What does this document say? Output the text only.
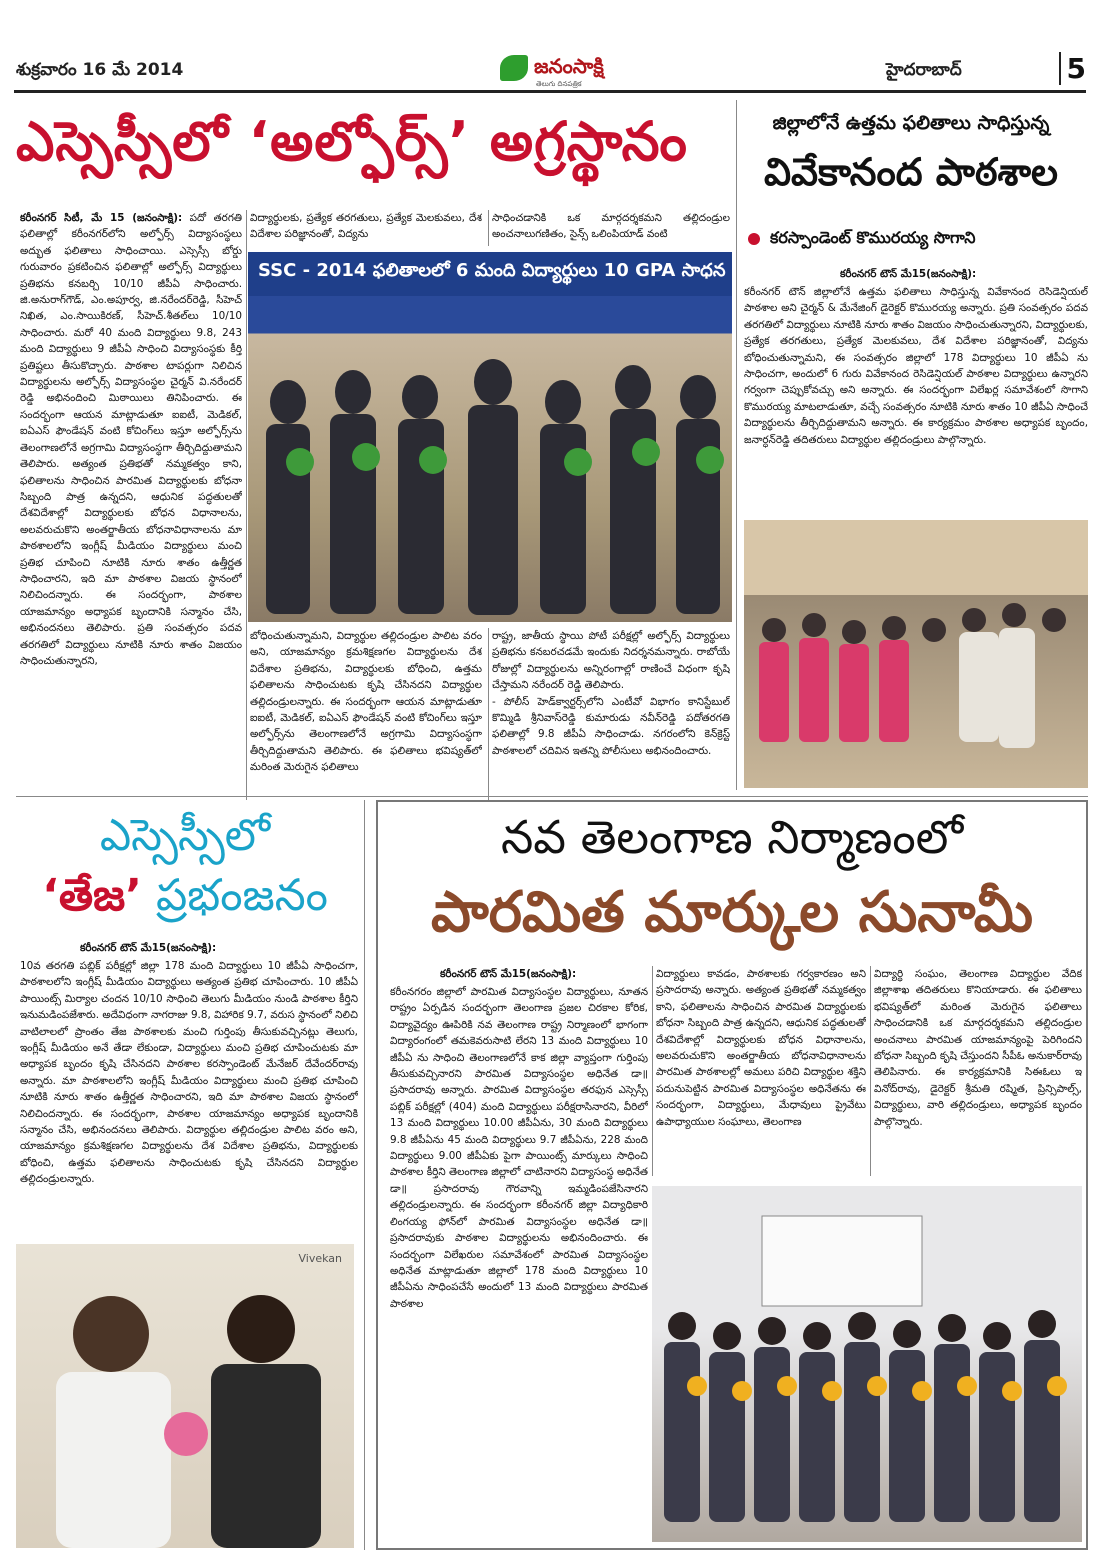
శుక్రవారం 16 మే 2014	జనంసాక్షి
తెలుగు దినపత్రిక
హైదరాబాద్	5
ఎస్సెస్సీలో ‘అల్ఫోర్స్’ అగ్రస్థానం
కరీంనగర్ సిటీ, మే 15 (జనంసాక్షి): పదో తరగతి ఫలితాల్లో కరీంనగర్‌లోని అల్ఫోర్స్ విద్యాసంస్థలు అద్భుత ఫలితాలు సాధించాయి. ఎస్సెస్సీ బోర్డు గురువారం ప్రకటించిన ఫలితాల్లో అల్ఫోర్స్ విద్యార్థులు ప్రతిభను కనబర్చి 10/10 జీపీఏ సాధించారు. జి.అనురాగ్‌గౌడ్, ఎం.అపూర్వ, జి.నరేందర్‌రెడ్డి, సీహెచ్ నిఖిత, ఎం.సాయికిరణ్, సీహెచ్.శీతల్‌లు 10/10 సాధించారు. మరో 40 మంది విద్యార్థులు 9.8, 243 మంది విద్యార్థులు 9 జీపీఏ సాధించి విద్యాసంస్థకు కీర్తి ప్రతిష్టలు తీసుకొచ్చారు. పాఠశాల టాపర్లుగా నిలిచిన విద్యార్థులను అల్ఫోర్స్ విద్యాసంస్థల చైర్మన్ వి.నరేందర్ రెడ్డి అభినందించి మిఠాయిలు తినిపించారు. ఈ సందర్భంగా ఆయన మాట్లాడుతూ ఐఐటీ, మెడికల్, ఐఏఎస్ ఫౌండేషన్ వంటి కోచింగ్‌లు ఇస్తూ అల్ఫోర్స్‌ను తెలంగాణలోనే అగ్రగామి విద్యాసంస్థగా తీర్చిదిద్దుతామని తెలిపారు. అత్యంత ప్రతిభతో నమ్మకత్వం కాని, ఫలితాలను సాధించిన పారమిత విద్యార్థులకు బోధనా సిబ్బంది పాత్ర ఉన్నదని, ఆధునిక పద్ధతులతో దేశవిదేశాల్లో విద్యార్థులకు బోధన విధానాలను, అలవరుచుకొని అంతర్జాతీయ బోధనావిధానాలను మా పాఠశాలలోని ఇంగ్లీష్ మీడియం విద్యార్థులు మంచి ప్రతిభ చూపించి నూటికి నూరు శాతం ఉత్తీర్ణత సాధించారని, ఇది మా పాఠశాల విజయ స్థానంలో నిలిచిందన్నారు. ఈ సందర్భంగా, పాఠశాల యాజమాన్యం అధ్యాపక బృందానికి సన్మానం చేసి, అభినందనలు తెలిపారు. ప్రతి సంవత్సరం పదవ తరగతిలో విద్యార్థులు నూటికి నూరు శాతం విజయం సాధించుతున్నారని,
విద్యార్థులకు, ప్రత్యేక తరగతులు, ప్రత్యేక మెలకువలు, దేశ విదేశాల పరిజ్ఞానంతో, విద్యను
సాధించడానికి ఒక మార్గదర్శకమని తల్లిదండ్రుల అంచనాలుగణితం, సైన్స్ ఒలింపియాడ్ వంటి
SSC - 2014 ఫలితాలలో 6 మంది విద్యార్థులు 10 GPA సాధన
బోధించుతున్నామని, విద్యార్థుల తల్లిదండ్రుల పాలిట వరం అని, యాజమాన్యం క్రమశిక్షణగల విద్యార్థులను దేశ విదేశాల ప్రతిభను, విద్యార్థులకు బోధించి, ఉత్తమ ఫలితాలను సాధించుటకు కృషి చేసినదని విద్యార్థుల తల్లిదండ్రులన్నారు. ఈ సందర్భంగా ఆయన మాట్లాడుతూ ఐఐటీ, మెడికల్, ఐఏఎస్ ఫౌండేషన్ వంటి కోచింగ్‌లు ఇస్తూ అల్ఫోర్స్‌ను తెలంగాణలోనే అగ్రగామి విద్యాసంస్థగా తీర్చిదిద్దుతామని తెలిపారు. ఈ ఫలితాలు భవిష్యత్‌లో మరింత మెరుగైన ఫలితాలు
రాష్ట్ర, జాతీయ స్థాయి పోటీ పరీక్షల్లో అల్ఫోర్స్ విద్యార్థులు ప్రతిభను కనబరచడమే ఇందుకు నిదర్శనమన్నారు. రాబోయే రోజుల్లో విద్యార్థులను అన్నిరంగాల్లో రాణించే విధంగా కృషి చేస్తామని నరేందర్ రెడ్డి తెలిపారు.
- పోలీస్ హెడ్‌క్వార్టర్స్‌లోని ఎంటీవో విభాగం కానిస్టేబుల్ కొమ్మిడి శ్రీనివాస్‌రెడ్డి కుమారుడు నవీన్‌రెడ్డి పదోతరగతి ఫలితాల్లో 9.8 జీపీఏ సాధించాడు. నగరంలోని కెన్‌క్రెస్ట్ పాఠశాలలో చదివిన ఇతన్ని పోలీసులు అభినందించారు.
జిల్లాలోనే ఉత్తమ ఫలితాలు సాధిస్తున్న
వివేకానంద పాఠశాల
కరస్పాండెంట్ కొమురయ్య సొగాని
కరీంనగర్ టౌన్ మే15(జనంసాక్షి):
కరీంనగర్ టౌన్ జిల్లాలోనే ఉత్తమ ఫలితాలు సాధిస్తున్న వివేకానంద రెసిడెన్షియల్ పాఠశాల అని చైర్మన్ & మేనేజింగ్ డైరెక్టర్ కొమురయ్య అన్నారు. ప్రతి సంవత్సరం పదవ తరగతిలో విద్యార్థులు నూటికి నూరు శాతం విజయం సాధించుతున్నారని, విద్యార్థులకు, ప్రత్యేక తరగతులు, ప్రత్యేక మెలకువలు, దేశ విదేశాల పరిజ్ఞానంతో, విద్యను బోధించుతున్నామని, ఈ సంవత్సరం జిల్లాలో 178 విద్యార్థులు 10 జీపీఏ ను సాధించగా, అందులో 6 గురు వివేకానంద రెసిడెన్షియల్ పాఠశాల విద్యార్థులు ఉన్నారని గర్వంగా చెప్పుకోవచ్చు అని అన్నారు. ఈ సందర్భంగా విలేఖర్ల సమావేశంలో సొగాని కొమురయ్య మాటలాడుతూ, వచ్చే సంవత్సరం నూటికి నూరు శాతం 10 జీపీఏ సాధించే విద్యార్థులను తీర్చిదిద్దుతామని అన్నారు. ఈ కార్యక్రమం పాఠశాల అధ్యాపక బృందం, జనార్ధన్‌రెడ్డి తదితరులు విద్యార్థుల తల్లిదండ్రులు పాల్గొన్నారు.
ఎస్సెస్సీలో
‘తేజ’ ప్రభంజనం
కరీంనగర్ టౌన్ మే15(జనంసాక్షి):
10వ తరగతి పబ్లిక్ పరీక్షల్లో జిల్లా 178 మంది విద్యార్థులు 10 జీపీఏ సాధించగా, పాఠశాలలోని ఇంగ్లీష్ మీడియం విద్యార్థులు అత్యంత ప్రతిభ చూపించారు. 10 జీపీఏ పాయింట్స్ మిర్యాల చందన 10/10 సాధించి తెలుగు మీడియం నుండి పాఠశాల కీర్తిని ఇనుమడింపజేశారు. అదేవిధంగా నాగరాజు 9.8, విహారిక 9.7, వరుస స్థానంలో నిలిచి వాటిలాలలో ప్రాంతం తేజ పాఠశాలకు మంచి గుర్తింపు తీసుకువచ్చినట్లు తెలుగు, ఇంగ్లీష్ మీడియం అనే తేడా లేకుండా, విద్యార్థులు మంచి ప్రతిభ చూపించుటకు మా అధ్యాపక బృందం కృషి చేసినదని పాఠశాల కరస్పాండెంట్ మేనేజర్ దేవేందర్‌రావు అన్నారు. మా పాఠశాలలోని ఇంగ్లీష్ మీడియం విద్యార్థులు మంచి ప్రతిభ చూపించి నూటికి నూరు శాతం ఉత్తీర్ణత సాధించారని, ఇది మా పాఠశాల విజయ స్థానంలో నిలిచిందన్నారు. ఈ సందర్భంగా, పాఠశాల యాజమాన్యం అధ్యాపక బృందానికి సన్మానం చేసి, అభినందనలు తెలిపారు. విద్యార్థుల తల్లిదండ్రుల పాలిట వరం అని, యాజమాన్యం క్రమశిక్షణగల విద్యార్థులను దేశ విదేశాల ప్రతిభను, విద్యార్థులకు బోధించి, ఉత్తమ ఫలితాలను సాధించుటకు కృషి చేసినదని విద్యార్థుల తల్లిదండ్రులన్నారు.
Vivekan
నవ తెలంగాణ నిర్మాణంలో
పారమిత మార్కుల సునామీ
కరీంనగర్ టౌన్ మే15(జనంసాక్షి):
కరీంనగరం జిల్లాలో పారమిత విద్యాసంస్థల విద్యార్థులు, నూతన రాష్ట్రం ఏర్పడిన సందర్భంగా తెలంగాణ ప్రజల చిరకాల కోరిక, విద్యావైద్యం ఊపిరికి నవ తెలంగాణ రాష్ట్ర నిర్మాణంలో భాగంగా విద్యారంగంలో తమకెవరుసాటి లేరని 13 మంది విద్యార్థులు 10 జీపీఏ ను సాధించి తెలంగాణలోనే కాక జిల్లా వ్యాప్తంగా గుర్తింపు తీసుకువచ్చినారని పారమిత విద్యాసంస్థల అధినేత డా॥ ప్రసాదరావు అన్నారు. పారమిత విద్యాసంస్థల తరఫున ఎస్సెస్సీ పబ్లిక్ పరీక్షల్లో (404) మంది విద్యార్థులు పరీక్షరాసినారని, వీరిలో 13 మంది విద్యార్థులు 10.00 జీపీఏను, 30 మంది విద్యార్థులు 9.8 జీపీఏను 45 మంది విద్యార్థులు 9.7 జీపీఏను, 228 మంది విద్యార్థులు 9.00 జీపీఏకు పైగా పాయింట్స్ మార్కులు సాధించి పాఠశాల కీర్తిని తెలంగాణ జిల్లాలో చాటినారని విద్యాసంస్థ అధినేత డా॥ ప్రసాదరావు గౌరవాన్ని ఇమ్మడింపజేసినారని తల్లిదండ్రులన్నారు. ఈ సందర్భంగా కరీంనగర్ జిల్లా విద్యాధికారి లింగయ్య ఫోన్‌లో పారమిత విద్యాసంస్థల అధినేత డా॥ప్రసాదరావుకు పాఠశాల విద్యార్థులను అభినందించారు. ఈ సందర్భంగా విలేఖరుల సమావేశంలో పారమిత విద్యాసంస్థల అధినేత మాట్లాడుతూ జిల్లాలో 178 మంది విద్యార్థులు 10 జీపీఏను సాధింపచేసే అందులో 13 మంది విద్యార్థులు పారమిత పాఠశాల
విద్యార్థులు కావడం, పాఠశాలకు గర్వకారణం అని ప్రసాదరావు అన్నారు. అత్యంత ప్రతిభతో నమ్మకత్వం కాని, ఫలితాలను సాధించిన పారమిత విద్యార్థులకు బోధనా సిబ్బంది పాత్ర ఉన్నదని, ఆధునిక పద్ధతులతో దేశవిదేశాల్లో విద్యార్థులకు బోధన విధానాలను, అలవరుచుకొని అంతర్జాతీయ బోధనావిధానాలను పారమిత పాఠశాలల్లో అమలు పరిచి విద్యార్థుల శక్తిని పదునుపెట్టిన పారమిత విద్యాసంస్థల అధినేతను ఈ సందర్భంగా, విద్యార్థులు, మేధావులు ప్రైవేటు ఉపాధ్యాయుల సంఘాలు, తెలంగాణ
విద్యార్థి సంఘం, తెలంగాణ విద్యార్థుల వేదిక జిల్లాశాఖ తదితరులు కొనియాడారు. ఈ ఫలితాలు భవిష్యత్‌లో మరింత మెరుగైన ఫలితాలు సాధించడానికి ఒక మార్గదర్శకమని తల్లిదండ్రుల అంచనాలు పారమిత యాజమాన్యంపై పెరిగిందని బోధనా సిబ్బంది కృషి చేస్తుందని సీపీఓ అనుకార్‌రావు తెలిపినారు. ఈ కార్యక్రమానికి సిఈఓలు ఇ వినోద్‌రావు, డైరెక్టర్ శ్రీమతి రష్మిత, ప్రిన్సిపాల్స్, విద్యార్థులు, వారి తల్లిదండ్రులు, అధ్యాపక బృందం పాల్గొన్నారు.
